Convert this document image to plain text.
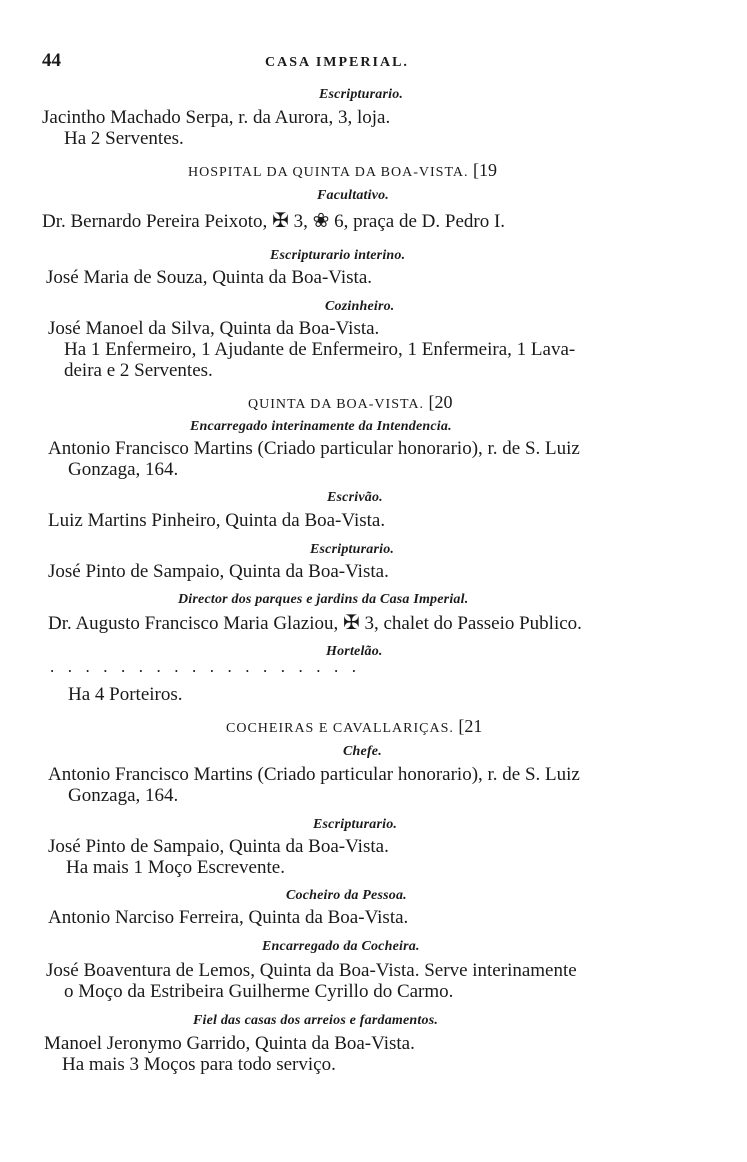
44	CASA IMPERIAL.
Escripturario.
Jacintho Machado Serpa, r. da Aurora, 3, loja.
Ha 2 Serventes.
HOSPITAL DA QUINTA DA BOA-VISTA. [19
Facultativo.
Dr. Bernardo Pereira Peixoto, ✠ 3, ❀ 6, praça de D. Pedro I.
Escripturario interino.
José Maria de Souza, Quinta da Boa-Vista.
Cozinheiro.
José Manoel da Silva, Quinta da Boa-Vista.
Ha 1 Enfermeiro, 1 Ajudante de Enfermeiro, 1 Enfermeira, 1 Lava-
deira e 2 Serventes.
QUINTA DA BOA-VISTA. [20
Encarregado interinamente da Intendencia.
Antonio Francisco Martins (Criado particular honorario), r. de S. Luiz
Gonzaga, 164.
Escrivão.
Luiz Martins Pinheiro, Quinta da Boa-Vista.
Escripturario.
José Pinto de Sampaio, Quinta da Boa-Vista.
Director dos parques e jardins da Casa Imperial.
Dr. Augusto Francisco Maria Glaziou, ✠ 3, chalet do Passeio Publico.
Hortelão.
..................
Ha 4 Porteiros.
COCHEIRAS E CAVALLARIÇAS. [21
Chefe.
Antonio Francisco Martins (Criado particular honorario), r. de S. Luiz
Gonzaga, 164.
Escripturario.
José Pinto de Sampaio, Quinta da Boa-Vista.
Ha mais 1 Moço Escrevente.
Cocheiro da Pessoa.
Antonio Narciso Ferreira, Quinta da Boa-Vista.
Encarregado da Cocheira.
José Boaventura de Lemos, Quinta da Boa-Vista. Serve interinamente
o Moço da Estribeira Guilherme Cyrillo do Carmo.
Fiel das casas dos arreios e fardamentos.
Manoel Jeronymo Garrido, Quinta da Boa-Vista.
Ha mais 3 Moços para todo serviço.
